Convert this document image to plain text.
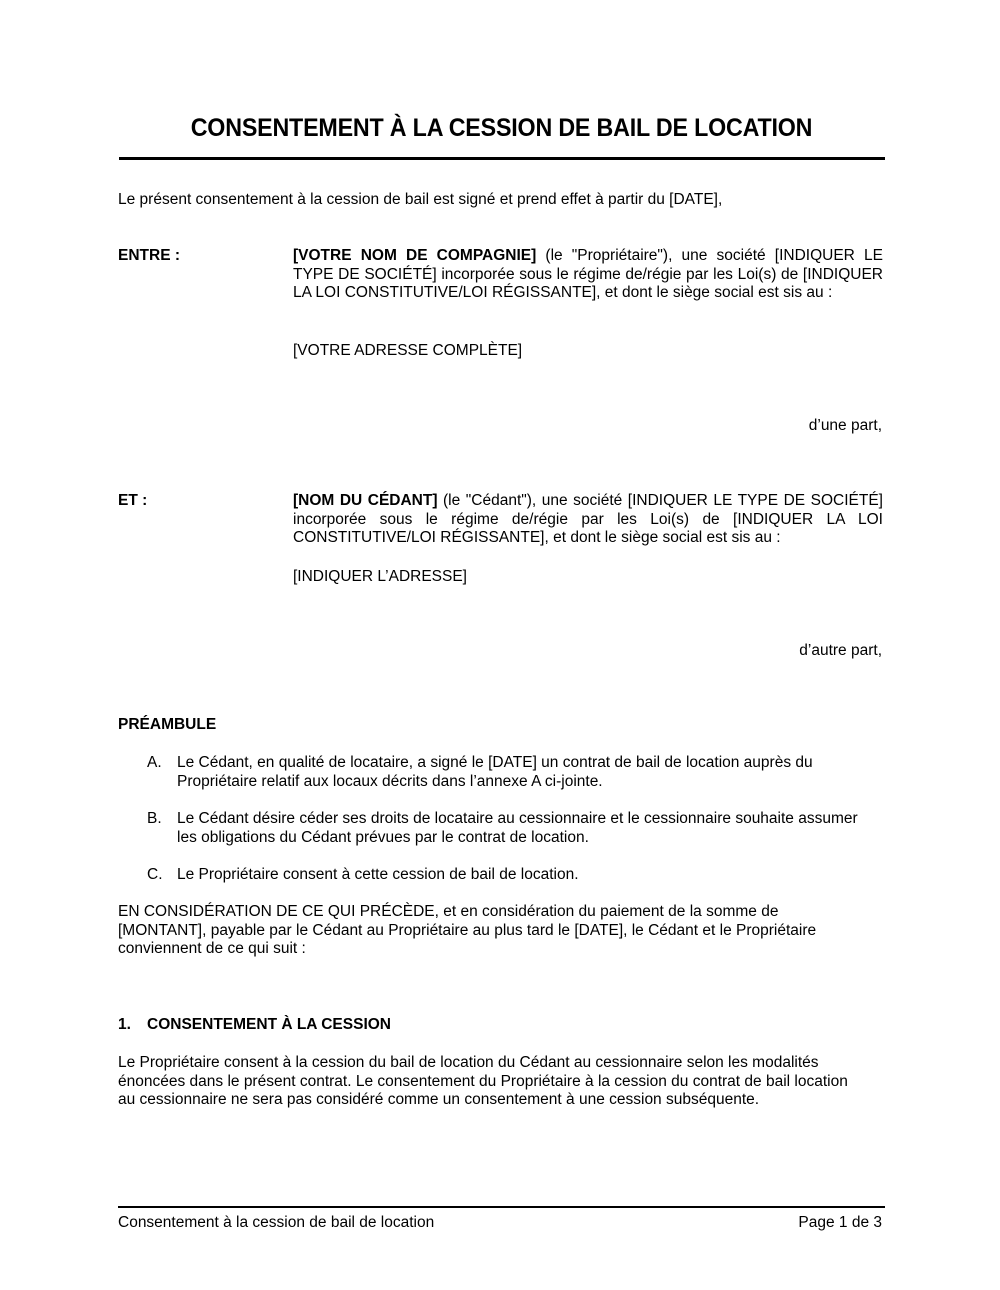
CONSENTEMENT À LA CESSION DE BAIL DE LOCATION
Le présent consentement à la cession de bail est signé et prend effet à partir du [DATE],
ENTRE :	[VOTRE NOM DE COMPAGNIE] (le "Propriétaire"), une société [INDIQUER LE TYPE DE SOCIÉTÉ] incorporée sous le régime de/régie par les Loi(s) de [INDIQUER LA LOI CONSTITUTIVE/LOI RÉGISSANTE], et dont le siège social est sis au :
[VOTRE ADRESSE COMPLÈTE]
d’une part,
ET :	[NOM DU CÉDANT] (le "Cédant"), une société [INDIQUER LE TYPE DE SOCIÉTÉ] incorporée sous le régime de/régie par les Loi(s) de [INDIQUER LA LOI CONSTITUTIVE/LOI RÉGISSANTE], et dont le siège social est sis au :
[INDIQUER L’ADRESSE]
d’autre part,
PRÉAMBULE
A. Le Cédant, en qualité de locataire, a signé le [DATE] un contrat de bail de location auprès du Propriétaire relatif aux locaux décrits dans l’annexe A ci-jointe.
B. Le Cédant désire céder ses droits de locataire au cessionnaire et le cessionnaire souhaite assumer les obligations du Cédant prévues par le contrat de location.
C. Le Propriétaire consent à cette cession de bail de location.
EN CONSIDÉRATION DE CE QUI PRÉCÈDE, et en considération du paiement de la somme de [MONTANT], payable par le Cédant au Propriétaire au plus tard le [DATE], le Cédant et le Propriétaire conviennent de ce qui suit :
1. CONSENTEMENT À LA CESSION
Le Propriétaire consent à la cession du bail de location du Cédant au cessionnaire selon les modalités énoncées dans le présent contrat. Le consentement du Propriétaire à la cession du contrat de bail location au cessionnaire ne sera pas considéré comme un consentement à une cession subséquente.
Consentement à la cession de bail de location	Page 1 de 3
